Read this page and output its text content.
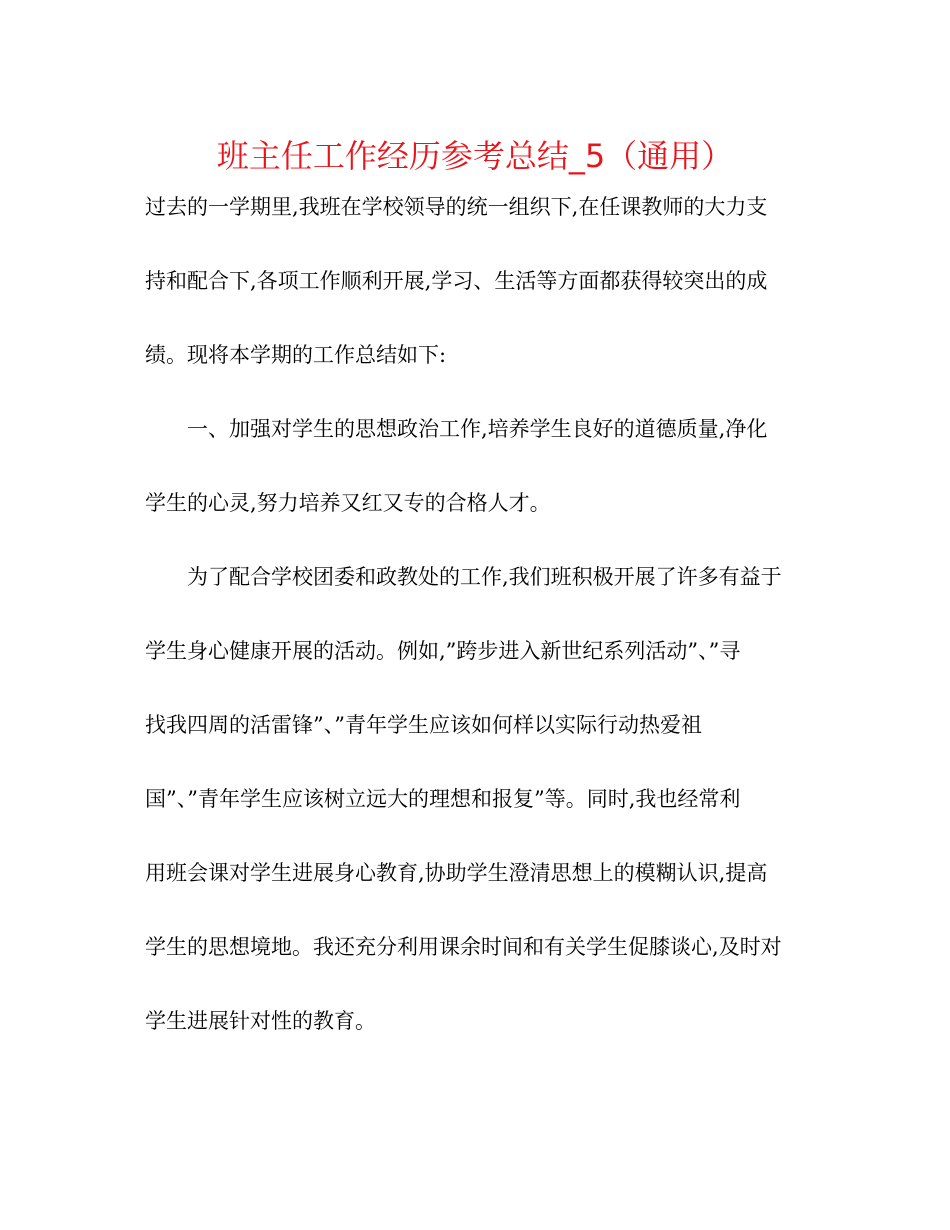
班主任工作经历参考总结_5（通用）
过去的一学期里,我班在学校领导的统一组织下,在任课教师的大力支
持和配合下,各项工作顺利开展,学习、生活等方面都获得较突出的成
绩。现将本学期的工作总结如下:
一、加强对学生的思想政治工作,培养学生良好的道德质量,净化
学生的心灵,努力培养又红又专的合格人才。
为了配合学校团委和政教处的工作,我们班积极开展了许多有益于
学生身心健康开展的活动。例如,”跨步进入新世纪系列活动”、”寻
找我四周的活雷锋”、”青年学生应该如何样以实际行动热爱祖
国”、”青年学生应该树立远大的理想和报复”等。同时,我也经常利
用班会课对学生进展身心教育,协助学生澄清思想上的模糊认识,提高
学生的思想境地。我还充分利用课余时间和有关学生促膝谈心,及时对
学生进展针对性的教育。
